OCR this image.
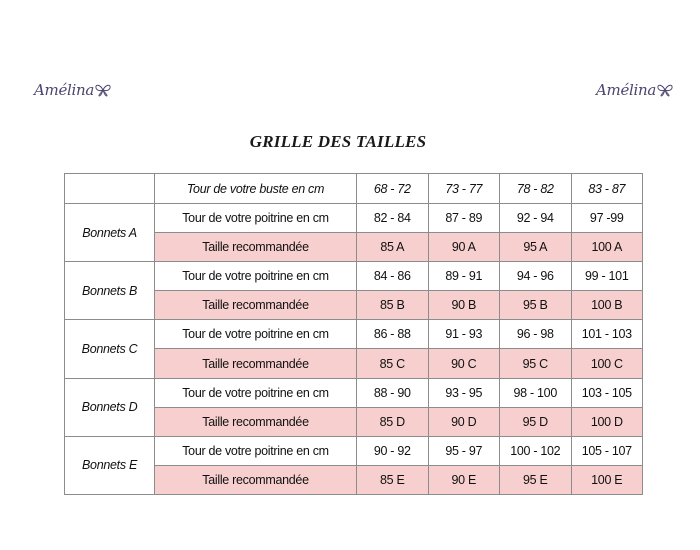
Amélina	Amélina
GRILLE DES TAILLES
	Tour de votre buste en cm	68 - 72	73 - 77	78 - 82	83 - 87
Bonnets A	Tour de votre poitrine en cm	82 - 84	87 - 89	92 - 94	97 -99
	Taille recommandée	85 A	90 A	95 A	100 A
Bonnets B	Tour de votre poitrine en cm	84 - 86	89 - 91	94 - 96	99 - 101
	Taille recommandée	85 B	90 B	95 B	100 B
Bonnets C	Tour de votre poitrine en cm	86 - 88	91 - 93	96 - 98	101 - 103
	Taille recommandée	85 C	90 C	95 C	100 C
Bonnets D	Tour de votre poitrine en cm	88 - 90	93 - 95	98 - 100	103 - 105
	Taille recommandée	85 D	90 D	95 D	100 D
Bonnets E	Tour de votre poitrine en cm	90 - 92	95 - 97	100 - 102	105 - 107
	Taille recommandée	85 E	90 E	95 E	100 E
